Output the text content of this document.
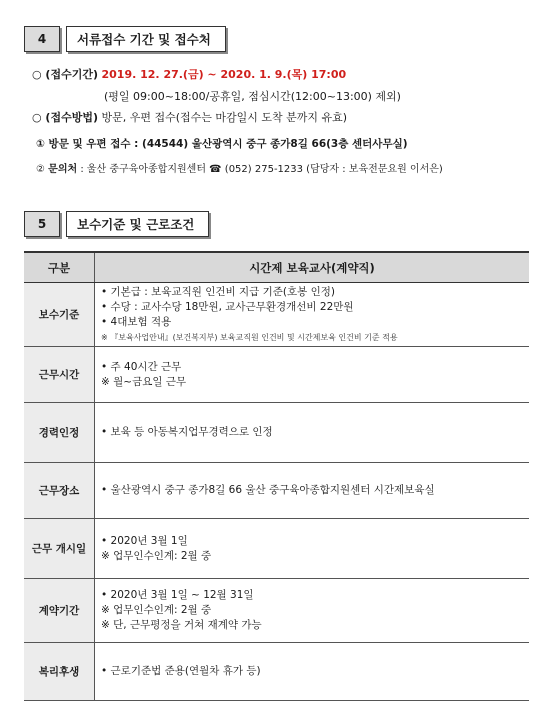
4	서류접수 기간 및 접수처
○ (접수기간) 2019. 12. 27.(금) ~ 2020. 1. 9.(목) 17:00
(평일 09:00~18:00/공휴일, 점심시간(12:00~13:00) 제외)
○ (접수방법) 방문, 우편 접수(접수는 마감일시 도착 분까지 유효)
① 방문 및 우편 접수 : (44544) 울산광역시 중구 종가8길 66(3층 센터사무실)
② 문의처 : 울산 중구육아종합지원센터 ☎ (052) 275-1233 (담당자 : 보육전문요원 이서은)
5	보수기준 및 근로조건
구분	시간제 보육교사(계약직)
보수기준	• 기본급 : 보육교직원 인건비 지급 기준(호봉 인정)
• 수당 : 교사수당 18만원, 교사근무환경개선비 22만원
• 4대보험 적용
※ 『보육사업안내』(보건복지부) 보육교직원 인건비 및 시간제보육 인건비 기준 적용

근무시간	• 주 40시간 근무
※ 월~금요일 근무

경력인정	• 보육 등 아동복지업무경력으로 인정

근무장소	• 울산광역시 중구 종가8길 66 울산 중구육아종합지원센터 시간제보육실

근무 개시일	• 2020년 3월 1일
※ 업무인수인계: 2월 중

계약기간	• 2020년 3월 1일 ~ 12월 31일
※ 업무인수인계: 2월 중
※ 단, 근무평정을 거쳐 재계약 가능

복리후생	• 근로기준법 준용(연월차 휴가 등)
